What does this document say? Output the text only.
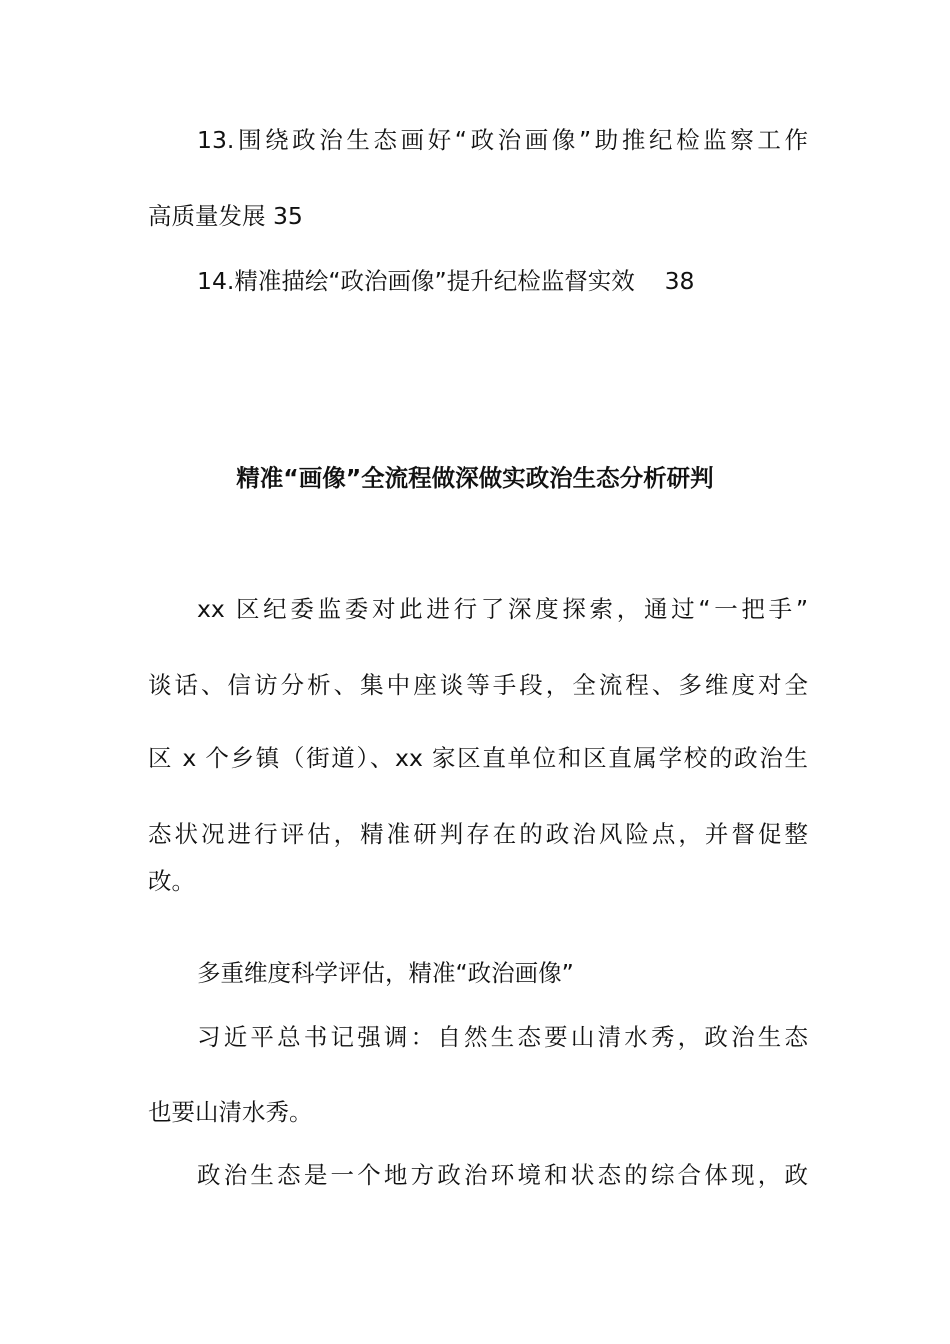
13.围绕政治生态画好“政治画像”助推纪检监察工作
高质量发展 35
14.精准描绘“政治画像”提升纪检监督实效    38
精准“画像”全流程做深做实政治生态分析研判
xx 区纪委监委对此进行了深度探索，通过“一把手”
谈话、信访分析、集中座谈等手段，全流程、多维度对全
区 x 个乡镇（街道）、xx 家区直单位和区直属学校的政治生
态状况进行评估，精准研判存在的政治风险点，并督促整
改。
多重维度科学评估，精准“政治画像”
习近平总书记强调：自然生态要山清水秀，政治生态
也要山清水秀。
政治生态是一个地方政治环境和状态的综合体现，政
